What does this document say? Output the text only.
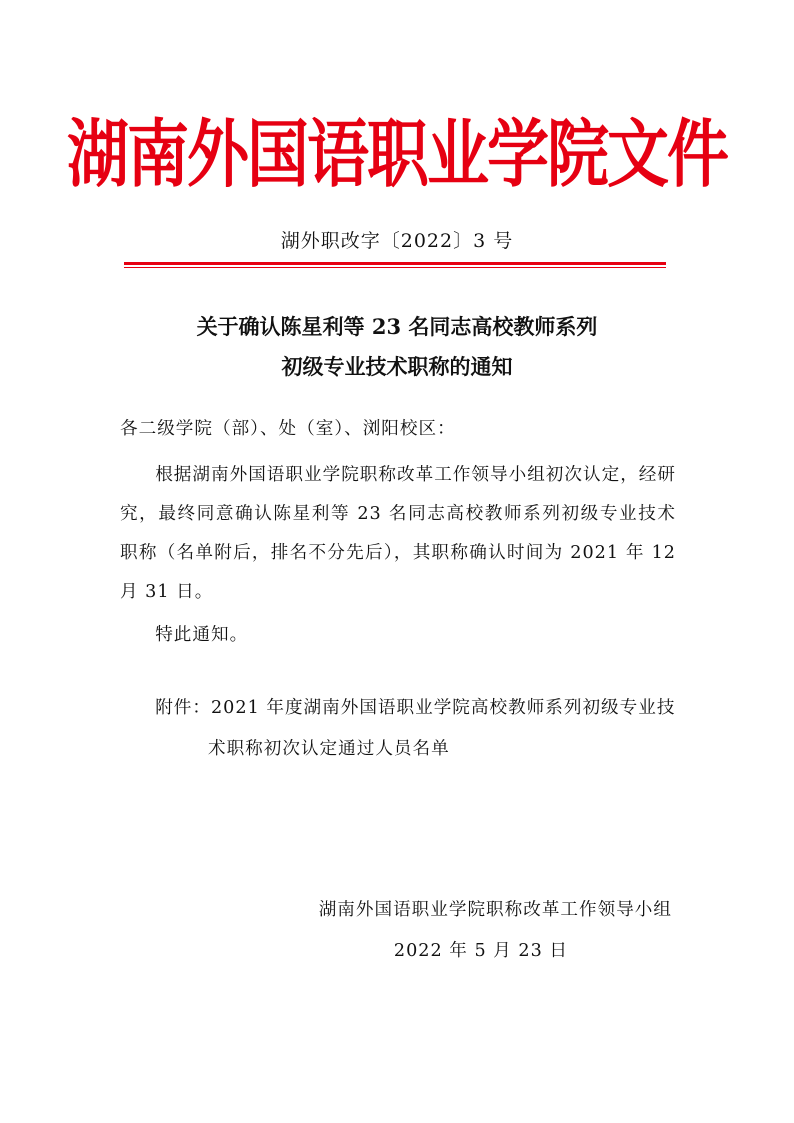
湖南外国语职业学院文件
湖外职改字〔2022〕3 号
关于确认陈星利等 23 名同志高校教师系列
初级专业技术职称的通知
各二级学院（部）、处（室）、浏阳校区：
根据湖南外国语职业学院职称改革工作领导小组初次认定，经研究，最终同意确认陈星利等 23 名同志高校教师系列初级专业技术职称（名单附后，排名不分先后），其职称确认时间为 2021 年 12 月 31 日。
特此通知。
附件：2021 年度湖南外国语职业学院高校教师系列初级专业技
术职称初次认定通过人员名单
湖南外国语职业学院职称改革工作领导小组
2022 年 5 月 23 日
